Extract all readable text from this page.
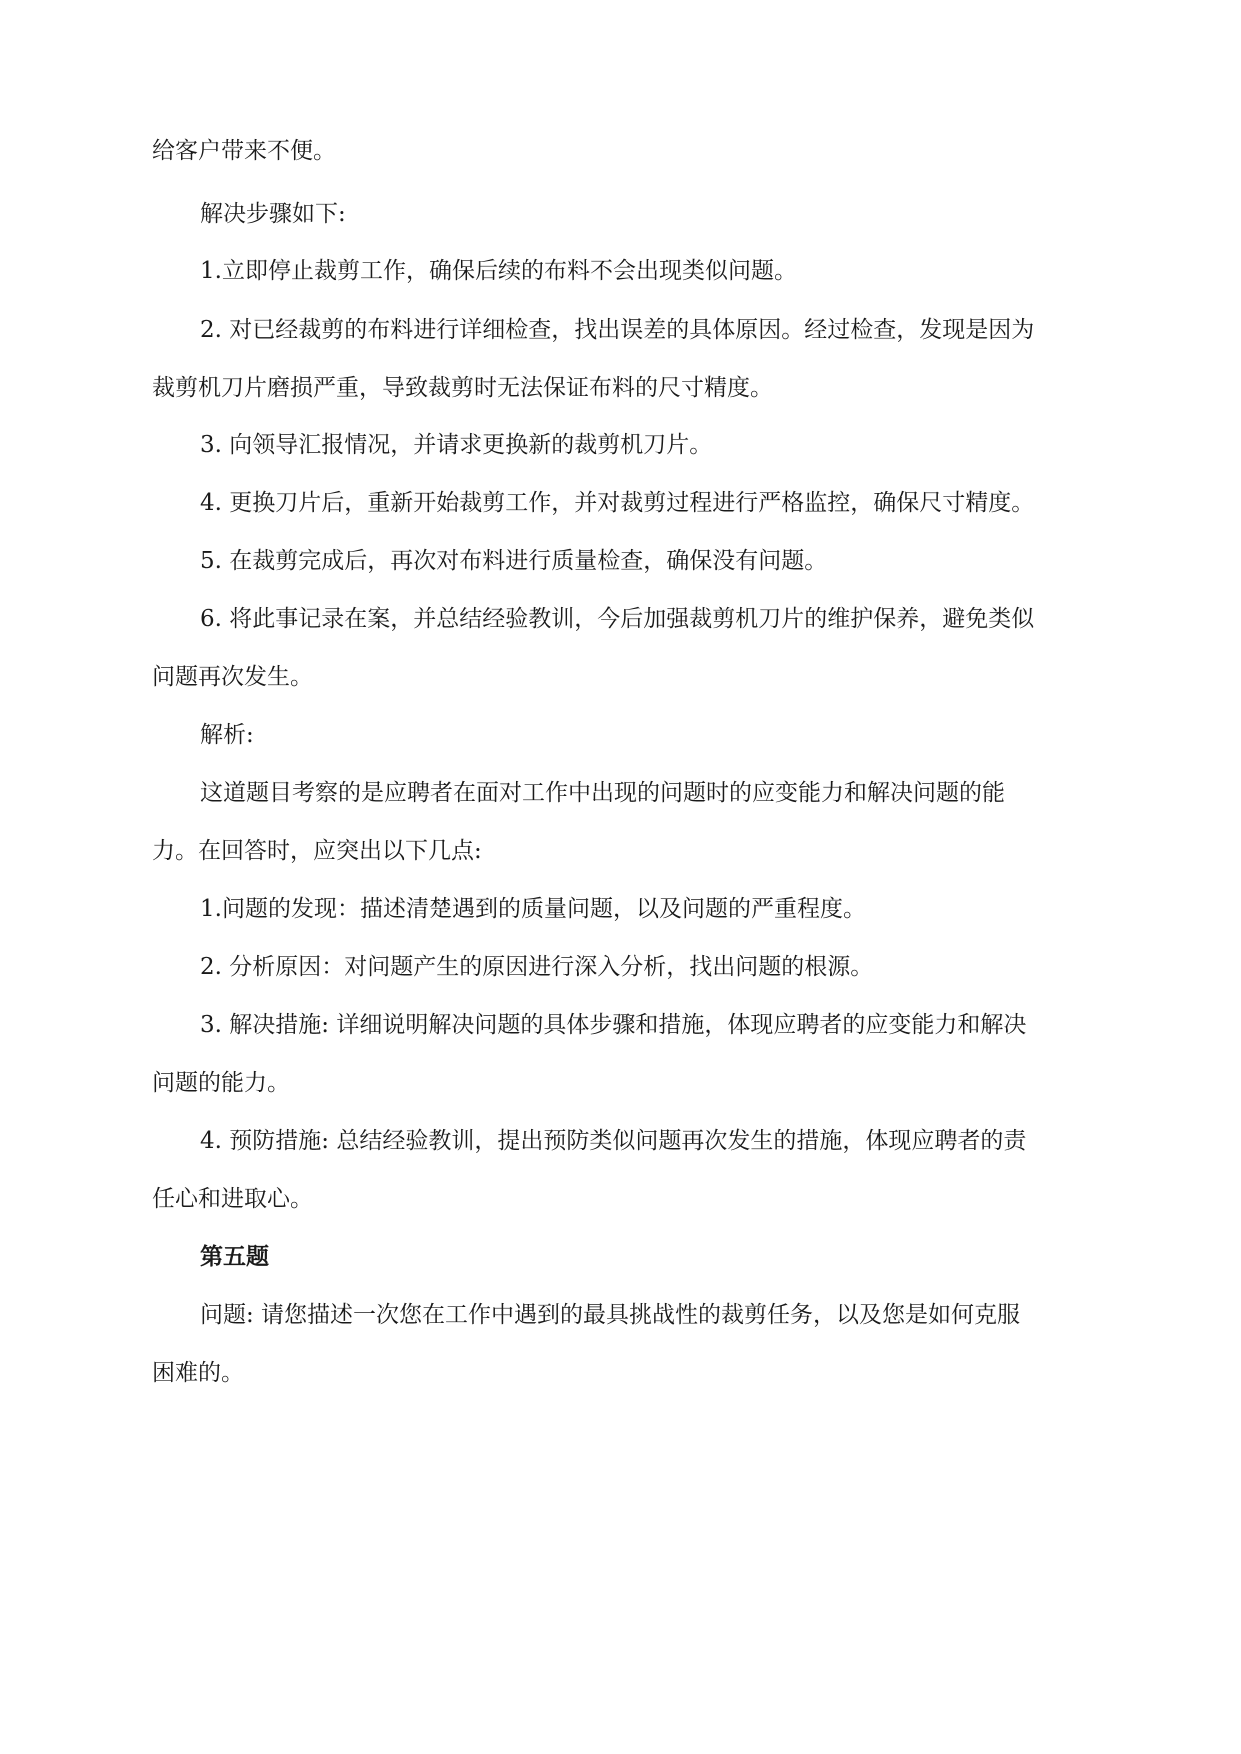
给客户带来不便。
解决步骤如下:
1.立即停止裁剪工作，确保后续的布料不会出现类似问题。
2. 对已经裁剪的布料进行详细检查，找出误差的具体原因。经过检查，发现是因为
裁剪机刀片磨损严重，导致裁剪时无法保证布料的尺寸精度。
3. 向领导汇报情况，并请求更换新的裁剪机刀片。
4. 更换刀片后，重新开始裁剪工作，并对裁剪过程进行严格监控，确保尺寸精度。
5. 在裁剪完成后，再次对布料进行质量检查，确保没有问题。
6. 将此事记录在案，并总结经验教训，今后加强裁剪机刀片的维护保养，避免类似
问题再次发生。
解析:
这道题目考察的是应聘者在面对工作中出现的问题时的应变能力和解决问题的能
力。在回答时，应突出以下几点:
1.问题的发现：描述清楚遇到的质量问题，以及问题的严重程度。
2. 分析原因：对问题产生的原因进行深入分析，找出问题的根源。
3. 解决措施: 详细说明解决问题的具体步骤和措施，体现应聘者的应变能力和解决
问题的能力。
4. 预防措施: 总结经验教训，提出预防类似问题再次发生的措施，体现应聘者的责
任心和进取心。
第五题
问题: 请您描述一次您在工作中遇到的最具挑战性的裁剪任务，以及您是如何克服
困难的。
